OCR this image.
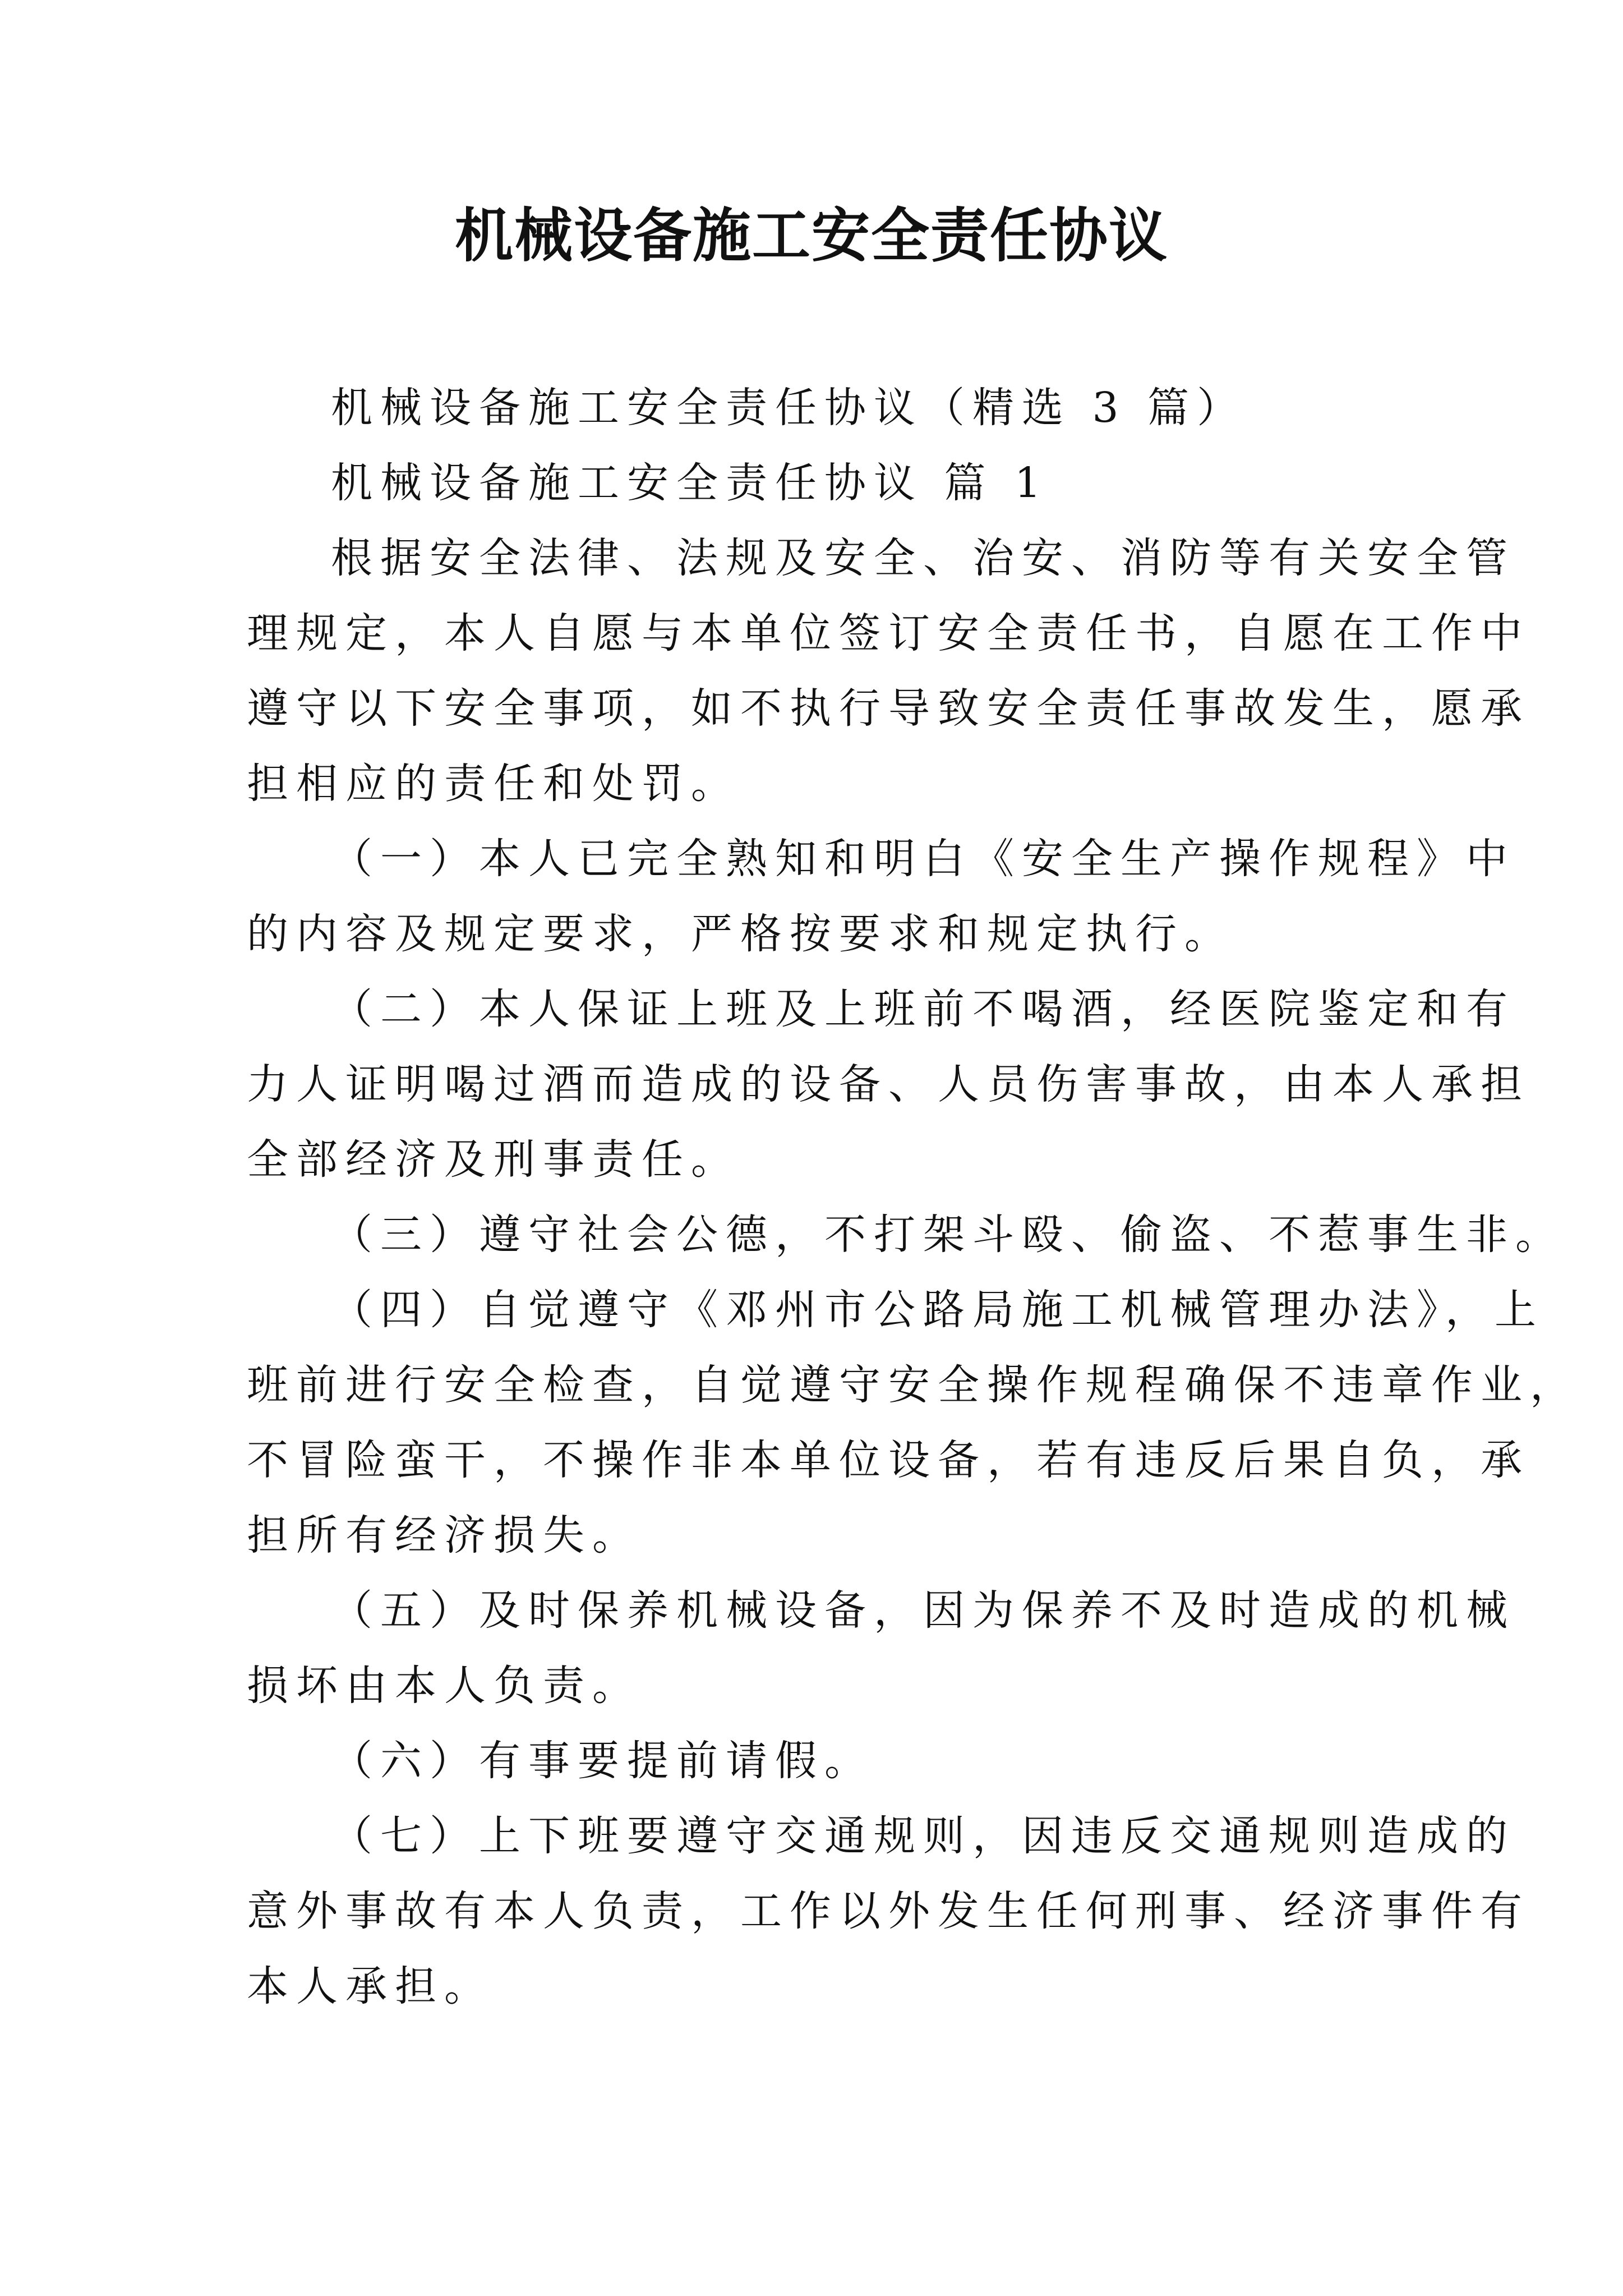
机械设备施工安全责任协议

机械设备施工安全责任协议（精选 3 篇）

机械设备施工安全责任协议 篇 1

根据安全法律、法规及安全、治安、消防等有关安全管

理规定，本人自愿与本单位签订安全责任书，自愿在工作中

遵守以下安全事项，如不执行导致安全责任事故发生，愿承

担相应的责任和处罚。

（一）本人已完全熟知和明白《安全生产操作规程》中

的内容及规定要求，严格按要求和规定执行。

（二）本人保证上班及上班前不喝酒，经医院鉴定和有

力人证明喝过酒而造成的设备、人员伤害事故，由本人承担

全部经济及刑事责任。

（三）遵守社会公德，不打架斗殴、偷盗、不惹事生非。

（四）自觉遵守《邓州市公路局施工机械管理办法》，上

班前进行安全检查，自觉遵守安全操作规程确保不违章作业，

不冒险蛮干，不操作非本单位设备，若有违反后果自负，承

担所有经济损失。

（五）及时保养机械设备，因为保养不及时造成的机械

损坏由本人负责。

（六）有事要提前请假。

（七）上下班要遵守交通规则，因违反交通规则造成的

意外事故有本人负责，工作以外发生任何刑事、经济事件有

本人承担。
